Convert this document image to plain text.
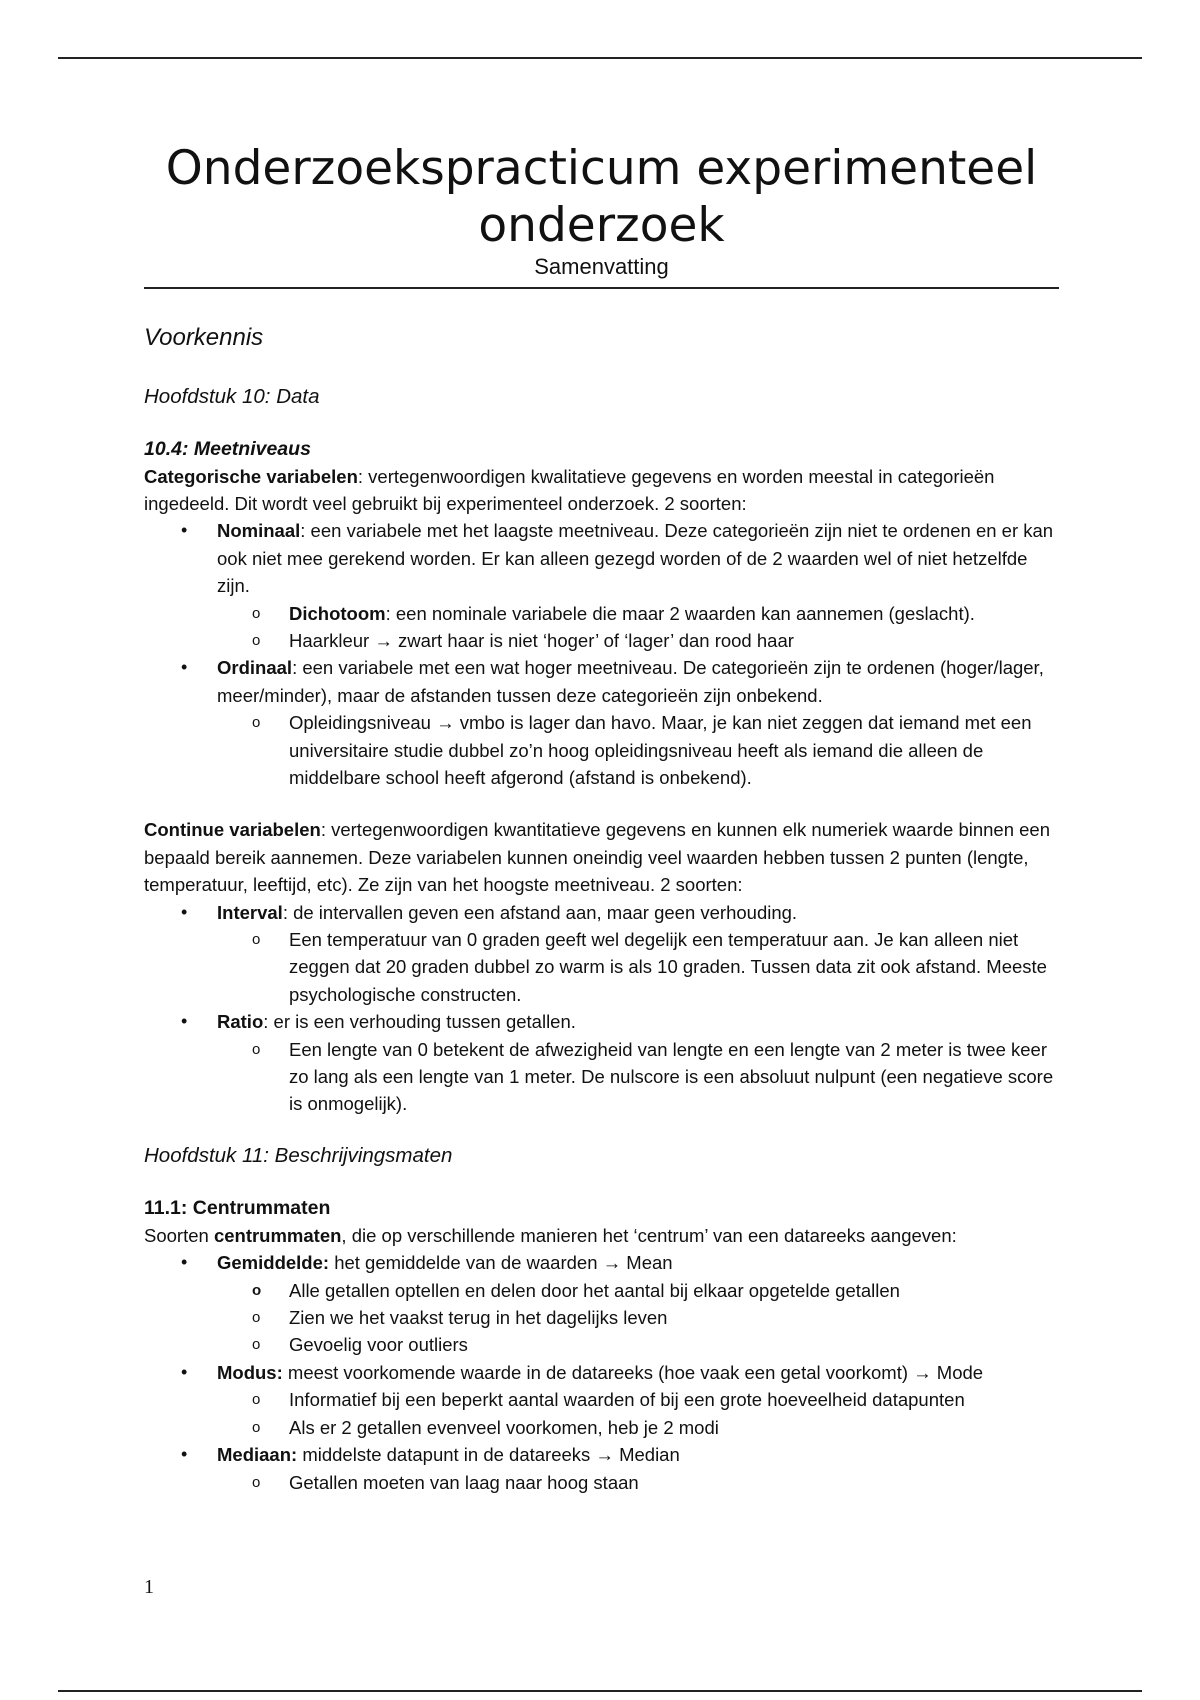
Onderzoekspracticum experimenteel onderzoek
Samenvatting
Voorkennis
Hoofdstuk 10: Data
10.4: Meetniveaus

Categorische variabelen: vertegenwoordigen kwalitatieve gegevens en worden meestal in categorieën ingedeeld. Dit wordt veel gebruikt bij experimenteel onderzoek. 2 soorten:

• Nominaal: een variabele met het laagste meetniveau. Deze categorieën zijn niet te ordenen en er kan ook niet mee gerekend worden. Er kan alleen gezegd worden of de 2 waarden wel of niet hetzelfde zijn.
o Dichotoom: een nominale variabele die maar 2 waarden kan aannemen (geslacht).
o Haarkleur → zwart haar is niet ‘hoger’ of ‘lager’ dan rood haar
• Ordinaal: een variabele met een wat hoger meetniveau. De categorieën zijn te ordenen (hoger/lager, meer/minder), maar de afstanden tussen deze categorieën zijn onbekend.
o Opleidingsniveau → vmbo is lager dan havo. Maar, je kan niet zeggen dat iemand met een universitaire studie dubbel zo’n hoog opleidingsniveau heeft als iemand die alleen de middelbare school heeft afgerond (afstand is onbekend).

Continue variabelen: vertegenwoordigen kwantitatieve gegevens en kunnen elk numeriek waarde binnen een bepaald bereik aannemen. Deze variabelen kunnen oneindig veel waarden hebben tussen 2 punten (lengte, temperatuur, leeftijd, etc). Ze zijn van het hoogste meetniveau. 2 soorten:

• Interval: de intervallen geven een afstand aan, maar geen verhouding.
o Een temperatuur van 0 graden geeft wel degelijk een temperatuur aan. Je kan alleen niet zeggen dat 20 graden dubbel zo warm is als 10 graden. Tussen data zit ook afstand. Meeste psychologische constructen.
• Ratio: er is een verhouding tussen getallen.
o Een lengte van 0 betekent de afwezigheid van lengte en een lengte van 2 meter is twee keer zo lang als een lengte van 1 meter. De nulscore is een absoluut nulpunt (een negatieve score is onmogelijk).
Hoofdstuk 11: Beschrijvingsmaten
11.1: Centrummaten

Soorten centrummaten, die op verschillende manieren het ‘centrum’ van een datareeks aangeven:

• Gemiddelde: het gemiddelde van de waarden → Mean
o Alle getallen optellen en delen door het aantal bij elkaar opgetelde getallen
o Zien we het vaakst terug in het dagelijks leven
o Gevoelig voor outliers
• Modus: meest voorkomende waarde in de datareeks (hoe vaak een getal voorkomt) → Mode
o Informatief bij een beperkt aantal waarden of bij een grote hoeveelheid datapunten
o Als er 2 getallen evenveel voorkomen, heb je 2 modi
• Mediaan: middelste datapunt in de datareeks → Median
o Getallen moeten van laag naar hoog staan
1
